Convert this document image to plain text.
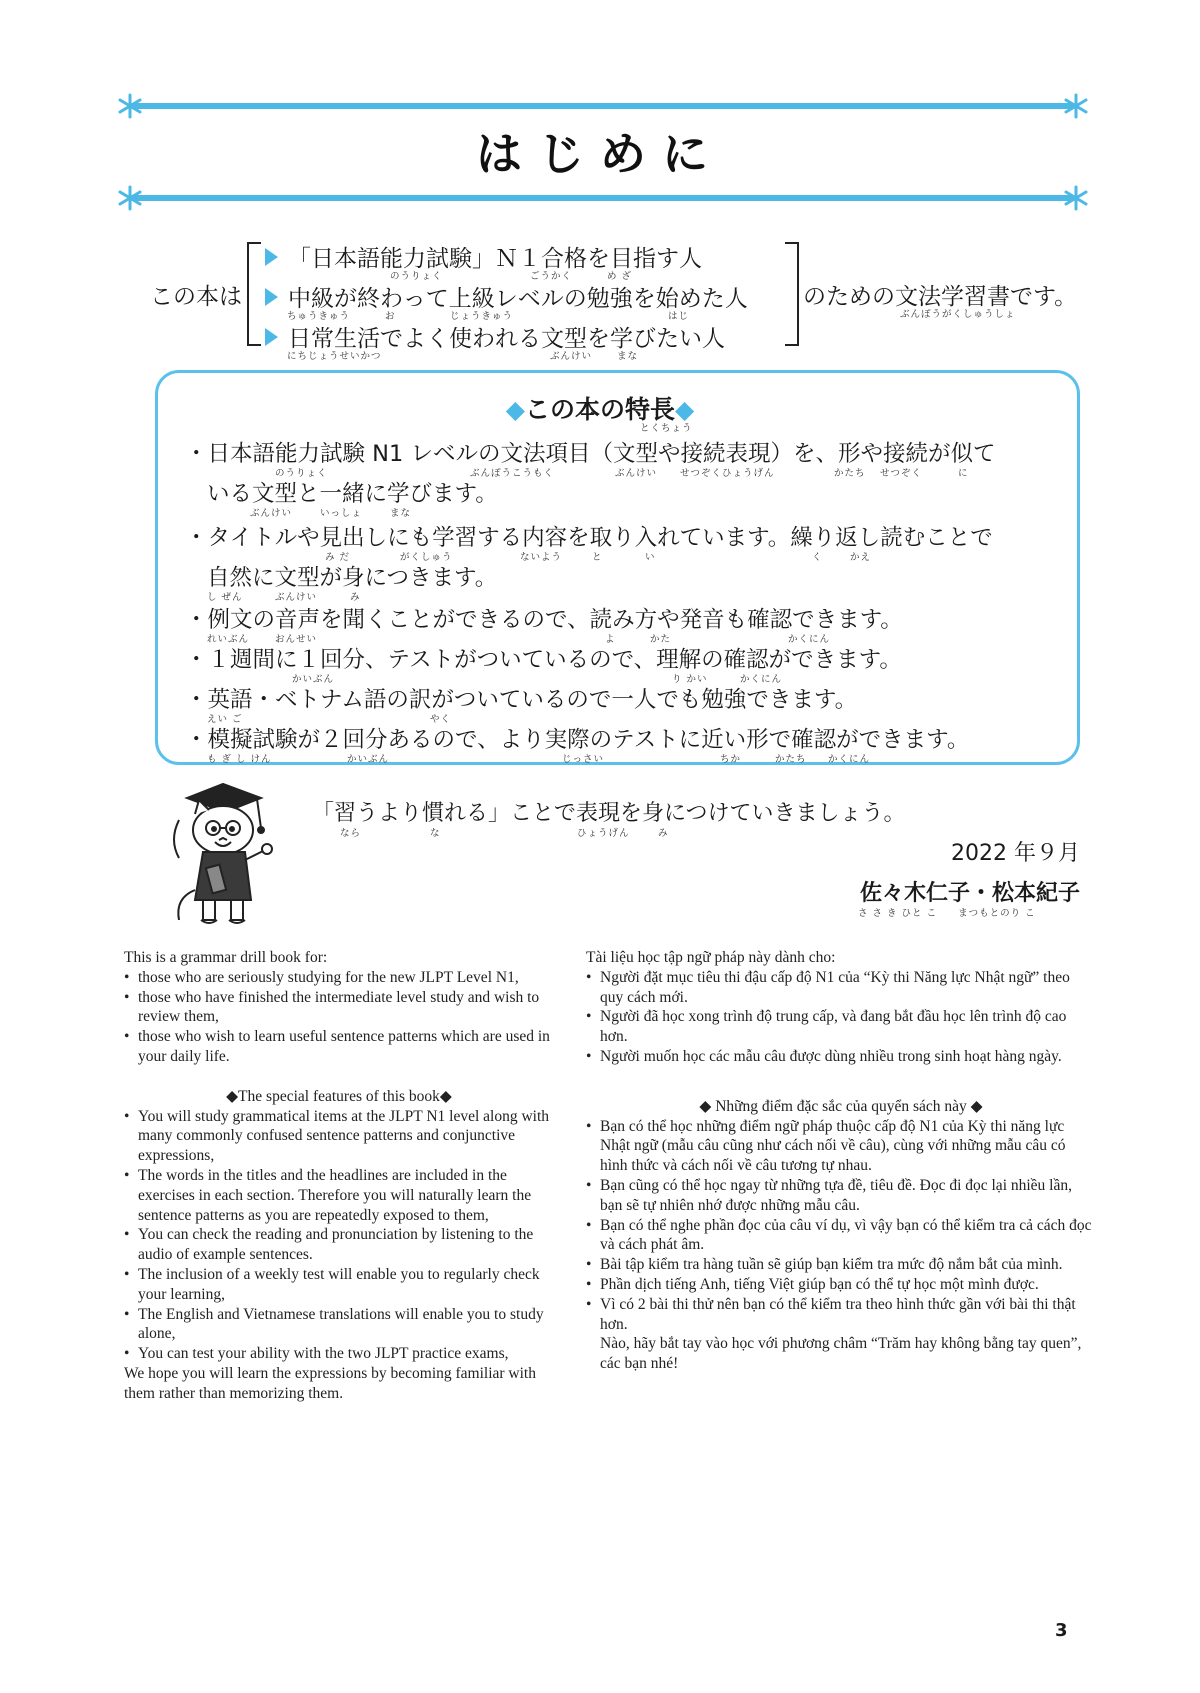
はじめに
この本は
「日本語能力試験」Ｎ１合格を目指す人
のうりょく	ごうかく	め ざ
中級が終わって上級レベルの勉強を始めた人
ちゅうきゅう	お	じょうきゅう	はじ
日常生活でよく使われる文型を学びたい人
にちじょうせいかつ	ぶんけい	まな
のための文法学習書です。
ぶんぽうがくしゅうしょ
◆この本の特長◆
とくちょう
・日本語能力試験 N1 レベルの文法項目（文型や接続表現）を、形や接続が似て
のうりょく	ぶんぽうこうもく	ぶんけい せつぞくひょうげん	かたち せつぞく	に
いる文型と一緒に学びます。
ぶんけい	いっしょ	まな
・タイトルや見出しにも学習する内容を取り入れています。繰り返し読むことで
み だ	がくしゅう	ないよう	と	い	く	かえ
自然に文型が身につきます。
し ぜん	ぶんけい	み
・例文の音声を聞くことができるので、読み方や発音も確認できます。
れいぶん	おんせい	よ	かた	かくにん
・１週間に１回分、テストがついているので、理解の確認ができます。
かいぶん	り かい	かくにん
・英語・ベトナム語の訳がついているので一人でも勉強できます。
えい ご	やく
・模擬試験が２回分あるので、より実際のテストに近い形で確認ができます。
も ぎ し けん	かいぶん	じっさい	ちか	かたち かくにん
「習うより慣れる」ことで表現を身につけていきましょう。
なら	な	ひょうげん	み
2022 年９月
佐々木仁子・松本紀子
さ さ き ひと こ　　まつもとのり こ

This is a grammar drill book for:

• those who are seriously studying for the new JLPT Level N1,
• those who have finished the intermediate level study and wish to review them,
• those who wish to learn useful sentence patterns which are used in your daily life.

◆The special features of this book◆

• You will study grammatical items at the JLPT N1 level along with many commonly confused sentence patterns and conjunctive expressions,
• The words in the titles and the headlines are included in the exercises in each section. Therefore you will naturally learn the sentence patterns as you are repeatedly exposed to them,
• You can check the reading and pronunciation by listening to the audio of example sentences.
• The inclusion of a weekly test will enable you to regularly check your learning,
• The English and Vietnamese translations will enable you to study alone,
• You can test your ability with the two JLPT practice exams,

We hope you will learn the expressions by becoming familiar with them rather than memorizing them.

Tài liệu học tập ngữ pháp này dành cho:

• Người đặt mục tiêu thi đậu cấp độ N1 của “Kỳ thi Năng lực Nhật ngữ” theo quy cách mới.
• Người đã học xong trình độ trung cấp, và đang bắt đầu học lên trình độ cao hơn.
• Người muốn học các mẫu câu được dùng nhiều trong sinh hoạt hàng ngày.

◆ Những điểm đặc sắc của quyển sách này ◆

• Bạn có thể học những điểm ngữ pháp thuộc cấp độ N1 của Kỳ thi năng lực Nhật ngữ (mẫu câu cũng như cách nối về câu), cùng với những mẫu câu có hình thức và cách nối về câu tương tự nhau.
• Bạn cũng có thể học ngay từ những tựa đề, tiêu đề. Đọc đi đọc lại nhiều lần, bạn sẽ tự nhiên nhớ được những mẫu câu.
• Bạn có thể nghe phần đọc của câu ví dụ, vì vậy bạn có thể kiểm tra cả cách đọc và cách phát âm.
• Bài tập kiểm tra hàng tuần sẽ giúp bạn kiểm tra mức độ nắm bắt của mình.
• Phần dịch tiếng Anh, tiếng Việt giúp bạn có thể tự học một mình được.
• Vì có 2 bài thi thử nên bạn có thể kiểm tra theo hình thức gần với bài thi thật hơn.

Nào, hãy bắt tay vào học với phương châm “Trăm hay không bằng tay quen”, các bạn nhé!

3
